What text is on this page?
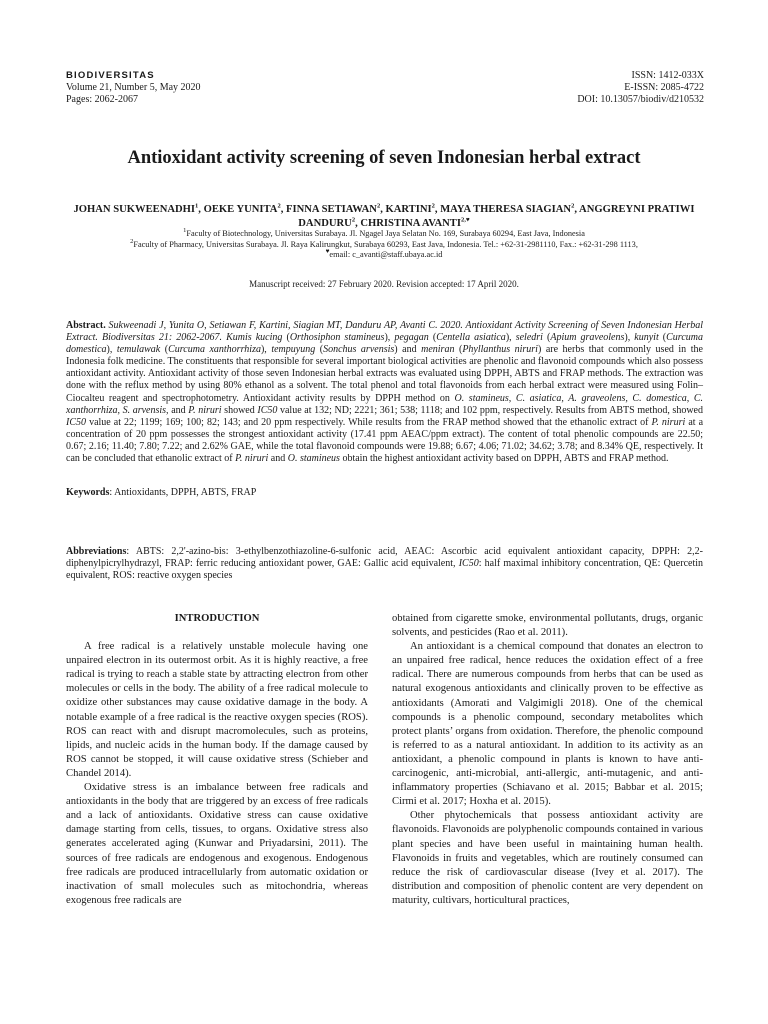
BIODIVERSITAS
Volume 21, Number 5, May 2020
Pages: 2062-2067
ISSN: 1412-033X
E-ISSN: 2085-4722
DOI: 10.13057/biodiv/d210532
Antioxidant activity screening of seven Indonesian herbal extract
JOHAN SUKWEENADHI$^1$, OEKE YUNITA$^2$, FINNA SETIAWAN$^2$, KARTINI$^2$, MAYA THERESA SIAGIAN$^2$, ANGGREYNI PRATIWI DANDURU$^2$, CHRISTINA $AVANTI^{2,♥}$
$^1$Faculty of Biotechnology, Universitas Surabaya. Jl. Ngagel Jaya Selatan No. 169, Surabaya 60294, East Java, Indonesia
$^2$Faculty of Pharmacy, Universitas Surabaya. Jl. Raya Kalirungkut, Surabaya 60293, East Java, Indonesia. Tel.: +62-31-2981110, Fax.: +62-31-298 1113,
♥email: c_avanti@staff.ubaya.ac.id
Manuscript received: 27 February 2020. Revision accepted: 17 April 2020.
Abstract. Sukweenadi J, Yunita O, Setiawan F, Kartini, Siagian MT, Danduru AP, Avanti C. 2020. Antioxidant Activity Screening of Seven Indonesian Herbal Extract. Biodiversitas 21: 2062-2067. Kumis kucing (Orthosiphon stamineus), pegagan (Centella asiatica), seledri (Apium graveolens), kunyit (Curcuma domestica), temulawak (Curcuma xanthorrhiza), tempuyung (Sonchus arvensis) and meniran (Phyllanthus niruri) are herbs that commonly used in the Indonesia folk medicine. The constituents that responsible for several important biological activities are phenolic and flavonoid compounds which also possess antioxidant activity. Antioxidant activity of those seven Indonesian herbal extracts was evaluated using DPPH, ABTS and FRAP methods. The extraction was done with the reflux method by using 80% ethanol as a solvent. The total phenol and total flavonoids from each herbal extract were measured using Folin–Ciocalteu reagent and spectrophotometry. Antioxidant activity results by DPPH method on O. stamineus, C. asiatica, A. graveolens, C. domestica, C. xanthorrhiza, S. arvensis, and P. niruri showed IC50 value at 132; ND; 2221; 361; 538; 1118; and 102 ppm, respectively. Results from ABTS method, showed IC50 value at 22; 1199; 169; 100; 82; 143; and 20 ppm respectively. While results from the FRAP method showed that the ethanolic extract of P. niruri at a concentration of 20 ppm possesses the strongest antioxidant activity (17.41 ppm AEAC/ppm extract). The content of total phenolic compounds are 22.50; 0.67; 2.16; 11.40; 7.80; 7.22; and 2.62% GAE, while the total flavonoid compounds were 19.88; 6.67; 4.06; 71.02; 34.62; 3.78; and 8.34% QE, respectively. It can be concluded that ethanolic extract of P. niruri and O. stamineus obtain the highest antioxidant activity based on DPPH, ABTS and FRAP method.
Keywords: Antioxidants, DPPH, ABTS, FRAP
Abbreviations: ABTS: 2,2'-azino-bis: 3-ethylbenzothiazoline-6-sulfonic acid, AEAC: Ascorbic acid equivalent antioxidant capacity, DPPH: 2,2-diphenylpicrylhydrazyl, FRAP: ferric reducing antioxidant power, GAE: Gallic acid equivalent, IC50: half maximal inhibitory concentration, QE: Quercetin equivalent, ROS: reactive oxygen species

INTRODUCTION

A free radical is a relatively unstable molecule having one unpaired electron in its outermost orbit. As it is highly reactive, a free radical is trying to reach a stable state by attracting electron from other molecules or cells in the body. The ability of a free radical molecule to oxidize other substances may cause oxidative damage in the body. A notable example of a free radical is the reactive oxygen species (ROS). ROS can react with and disrupt macromolecules, such as proteins, lipids, and nucleic acids in the human body. If the damage caused by ROS cannot be stopped, it will cause oxidative stress (Schieber and Chandel 2014).

Oxidative stress is an imbalance between free radicals and antioxidants in the body that are triggered by an excess of free radicals and a lack of antioxidants. Oxidative stress can cause oxidative damage starting from cells, tissues, to organs. Oxidative stress also generates accelerated aging (Kunwar and Priyadarsini, 2011). The sources of free radicals are endogenous and exogenous. Endogenous free radicals are produced intracellularly from automatic oxidation or inactivation of small molecules such as mitochondria, whereas exogenous free radicals are

obtained from cigarette smoke, environmental pollutants, drugs, organic solvents, and pesticides (Rao et al. 2011).

An antioxidant is a chemical compound that donates an electron to an unpaired free radical, hence reduces the oxidation effect of a free radical. There are numerous compounds from herbs that can be used as natural exogenous antioxidants and clinically proven to be effective as antioxidants (Amorati and Valgimigli 2018). One of the chemical compounds is a phenolic compound, secondary metabolites which protect plants’ organs from oxidation. Therefore, the phenolic compound is referred to as a natural antioxidant. In addition to its activity as an antioxidant, a phenolic compound in plants is known to have anti-carcinogenic, anti-microbial, anti-allergic, anti-mutagenic, and anti-inflammatory properties (Schiavano et al. 2015; Babbar et al. 2015; Cirmi et al. 2017; Hoxha et al. 2015).

Other phytochemicals that possess antioxidant activity are flavonoids. Flavonoids are polyphenolic compounds contained in various plant species and have been useful in maintaining human health. Flavonoids in fruits and vegetables, which are routinely consumed can reduce the risk of cardiovascular disease (Ivey et al. 2017). The distribution and composition of phenolic content are very dependent on maturity, cultivars, horticultural practices,
